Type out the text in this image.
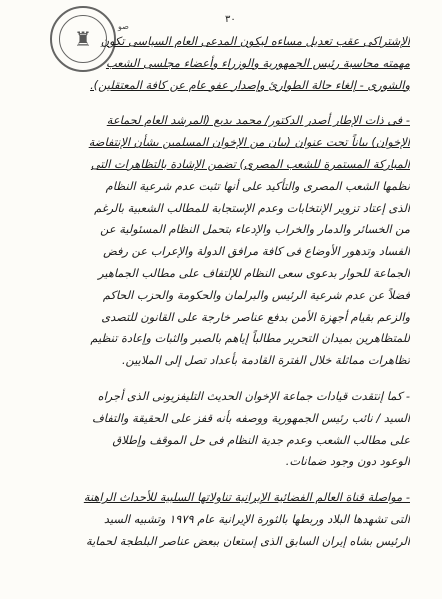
♜
صو
٣٠
الإشتراكى عقب تعديل مساءه ليكون المدعى العام السياسى تكون
مهمته محاسبة رئيس الجمهورية والوزراء وأعضاء مجلسى الشعب
والشورى - إلغاء حالة الطوارئ وإصدار عفو عام عن كافة المعتقلين).
- فى ذات الإطار أصدر الدكتور/ محمد بديع (المرشد العام لجماعة
الإخوان) بياناً تحت عنوان (بيان من الإخوان المسلمين بشأن الإنتفاضة
المباركة المستمرة للشعب المصرى) تضمن الإشادة بالتظاهرات التى
نظمها الشعب المصرى والتأكيد على أنها تثبت عدم شرعية النظام
الذى إعتاد تزوير الإنتخابات وعدم الإستجابة للمطالب الشعبية بالرغم
من الخسائر والدمار والخراب والإدعاء بتحمل النظام المسئولية عن
الفساد وتدهور الأوضاع فى كافة مرافق الدولة والإعراب عن رفض
الجماعة للحوار بدعوى سعى النظام للإلتفاف على مطالب الجماهير
فضلاً عن عدم شرعية الرئيس والبرلمان والحكومة والحزب الحاكم
والزعم بقيام أجهزة الأمن بدفع عناصر خارجة على القانون للتصدى
للمتظاهرين بميدان التحرير مطالباً إياهم بالصبر والثبات وإعادة تنظيم
تظاهرات مماثلة خلال الفترة القادمة بأعداد تصل إلى الملايين.
- كما إنتقدت قيادات جماعة الإخوان الحديث التليفزيونى الذى أجراه
السيد / نائب رئيس الجمهورية ووصفه بأنه قفز على الحقيقة والتفاف
على مطالب الشعب وعدم جدية النظام فى حل الموقف وإطلاق
الوعود دون وجود ضمانات.
- مواصلة قناة العالم الفضائية الإيرانية تناولاتها السلبية للأحداث الراهنة
التى تشهدها البلاد وربطها بالثورة الإيرانية عام ١٩٧٩ وتشبيه السيد
الرئيس بشاه إيران السابق الذى إستعان ببعض عناصر البلطجة لحماية
